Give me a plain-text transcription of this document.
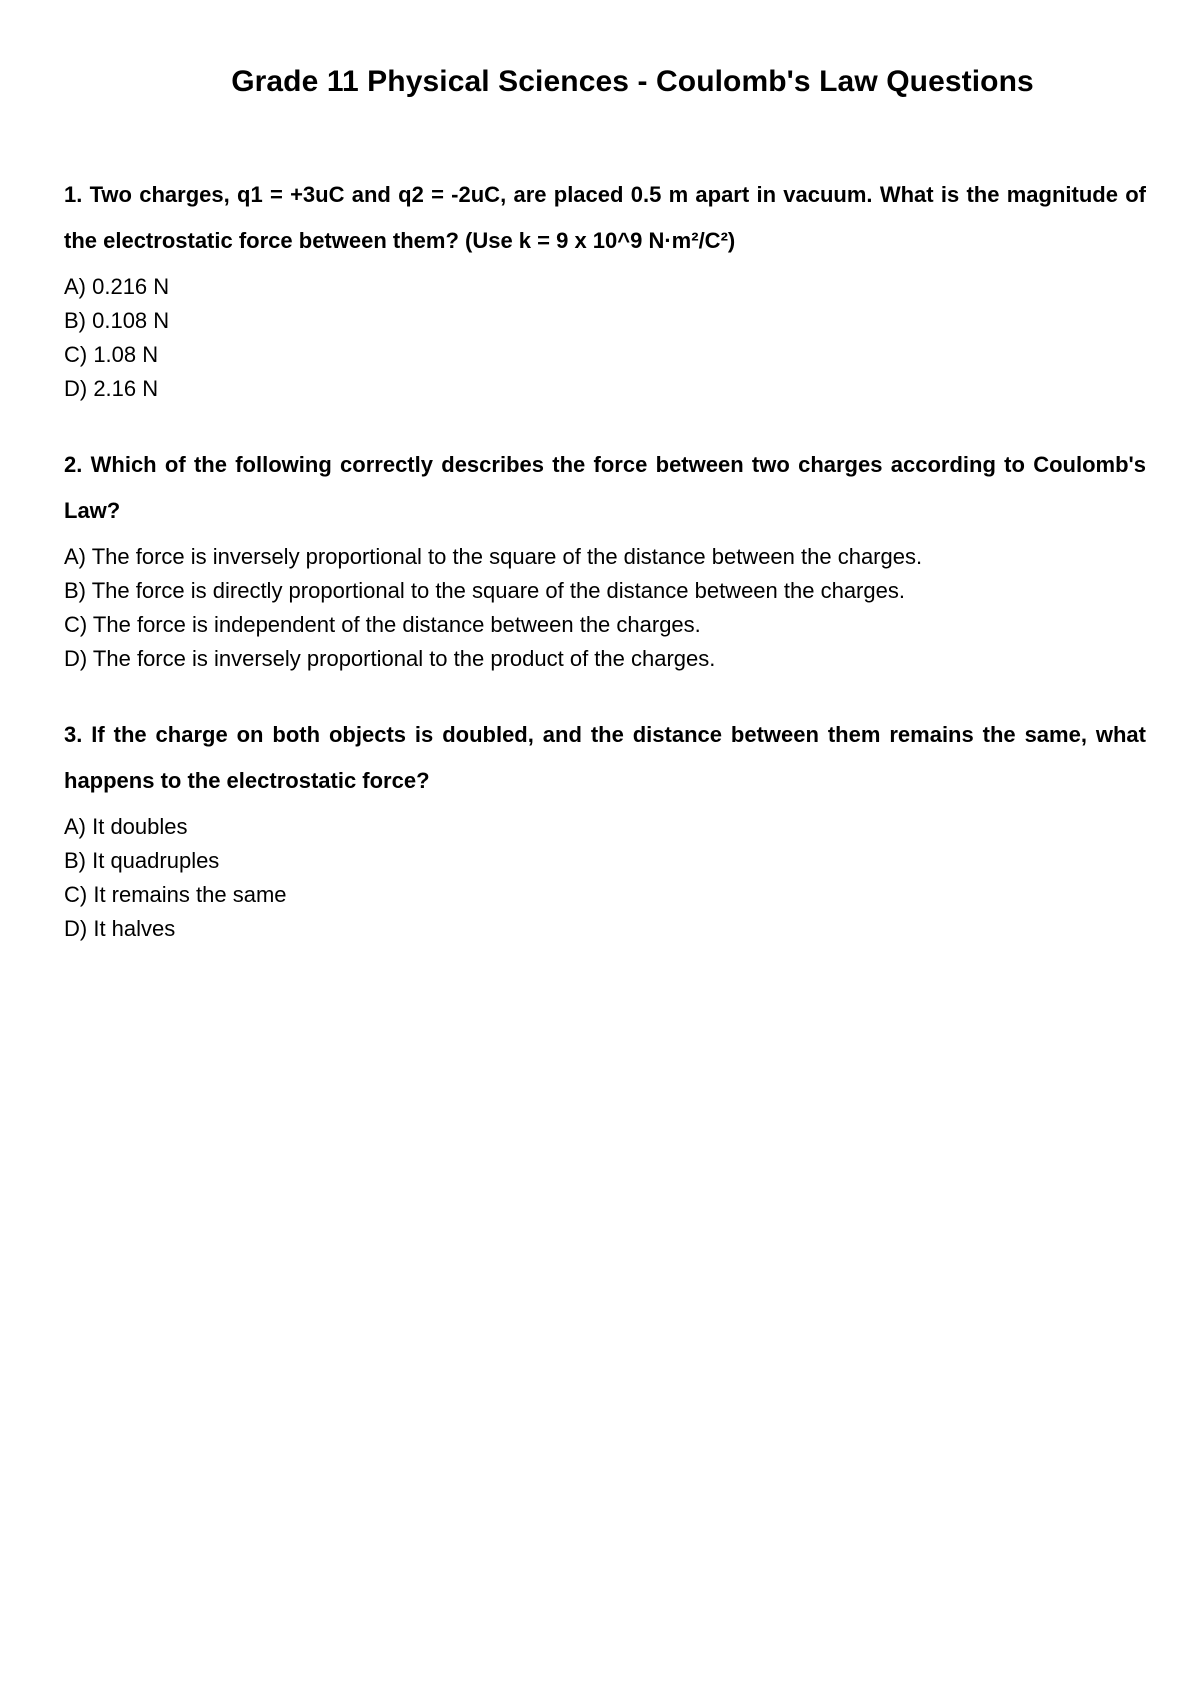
Grade 11 Physical Sciences - Coulomb's Law Questions

1. Two charges, q1 = +3uC and q2 = -2uC, are placed 0.5 m apart in vacuum. What is the magnitude of the electrostatic force between them? (Use k = 9 x 10^9 N·m²/C²)

A) 0.216 N
B) 0.108 N
C) 1.08 N
D) 2.16 N

2. Which of the following correctly describes the force between two charges according to Coulomb's Law?

A) The force is inversely proportional to the square of the distance between the charges.
B) The force is directly proportional to the square of the distance between the charges.
C) The force is independent of the distance between the charges.
D) The force is inversely proportional to the product of the charges.

3. If the charge on both objects is doubled, and the distance between them remains the same, what happens to the electrostatic force?

A) It doubles
B) It quadruples
C) It remains the same
D) It halves
